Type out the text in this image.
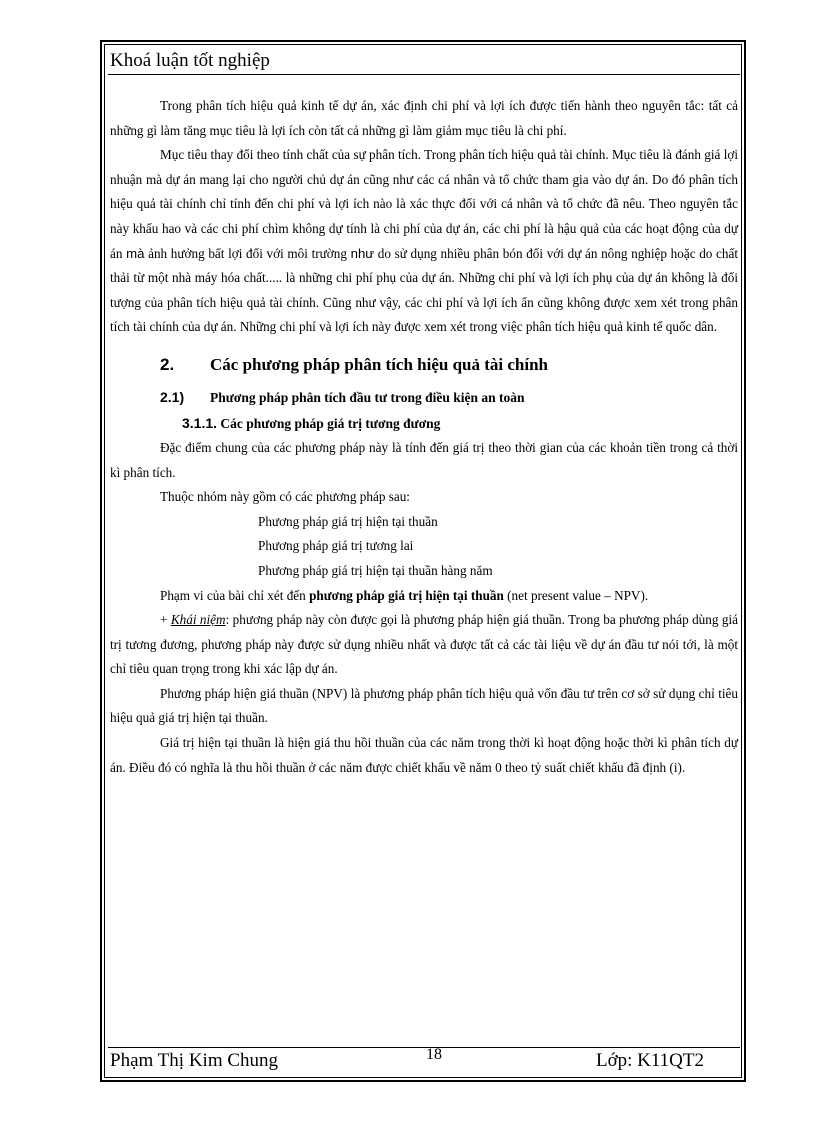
Khoá luận tốt nghiệp

Trong phân tích hiệu quả kinh tế dự án, xác định chi phí và lợi ích được tiến hành theo nguyên tắc: tất cả những gì làm tăng mục tiêu là lợi ích còn tất cả những gì làm giảm mục tiêu là chi phí.

Mục tiêu thay đổi theo tính chất của sự phân tích. Trong phân tích hiệu quả tài chính. Mục tiêu là đánh giá lợi nhuận mà dự án mang lại cho người chủ dự án cũng như các cá nhân và tổ chức tham gia vào dự án. Do đó phân tích hiệu quả tài chính chỉ tính đến chi phí và lợi ích nào là xác thực đối với cá nhân và tổ chức đã nêu. Theo nguyên tắc này khấu hao và các chi phí chìm không dự tính là chi phí của dự án, các chi phí là hậu quả của các hoạt động của dự án mà ảnh hưởng bất lợi đối với môi trường như do sử dụng nhiều phân bón đối với dự án nông nghiệp hoặc do chất thải từ một nhà máy hóa chất..... là những chi phí phụ của dự án. Những chi phí và lợi ích phụ của dự án không là đối tượng của phân tích hiệu quả tài chính. Cũng như vậy, các chi phí và lợi ích ẩn cũng không được xem xét trong phân tích tài chính của dự án. Những chi phí và lợi ích này được xem xét trong việc phân tích hiệu quả kinh tế quốc dân.

2. Các phương pháp phân tích hiệu quả tài chính
2.1) Phương pháp phân tích đầu tư trong điều kiện an toàn
3.1.1. Các phương pháp giá trị tương đương

Đặc điểm chung của các phương pháp này là tính đến giá trị theo thời gian của các khoản tiền trong cả thời kì phân tích.

Thuộc nhóm này gồm có các phương pháp sau:

Phương pháp giá trị hiện tại thuần
Phương pháp giá trị tương lai
Phương pháp giá trị hiện tại thuần hàng năm

Phạm vi của bài chỉ xét đến phương pháp giá trị hiện tại thuần (net present value – NPV).

+ Khái niệm: phương pháp này còn được gọi là phương pháp hiện giá thuần. Trong ba phương pháp dùng giá trị tương đương, phương pháp này được sử dụng nhiều nhất và được tất cả các tài liệu về dự án đầu tư nói tới, là một chỉ tiêu quan trọng trong khi xác lập dự án.

Phương pháp hiện giá thuần (NPV) là phương pháp phân tích hiệu quả vốn đầu tư trên cơ sở sử dụng chỉ tiêu hiệu quả giá trị hiện tại thuần.

Giá trị hiện tại thuần là hiện giá thu hồi thuần của các năm trong thời kì hoạt động hoặc thời kì phân tích dự án. Điều đó có nghĩa là thu hồi thuần ở các năm được chiết khấu về năm 0 theo tỷ suất chiết khấu đã định (i).

Phạm Thị Kim Chung	18	Lớp: K11QT2
